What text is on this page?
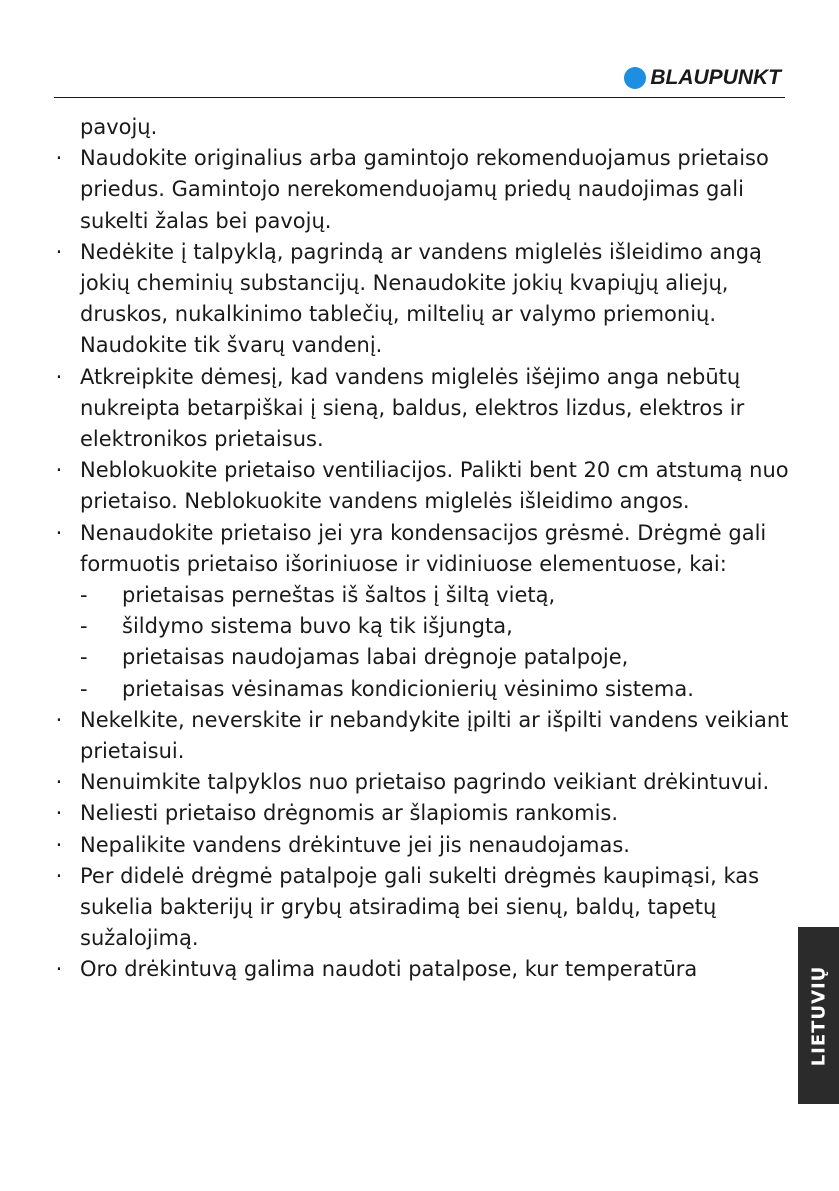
BLAUPUNKT
pavojų.
· Naudokite originalius arba gamintojo rekomenduojamus prietaiso priedus. Gamintojo nerekomenduojamų priedų naudojimas gali sukelti žalas bei pavojų.
· Nedėkite į talpyklą, pagrindą ar vandens miglelės išleidimo angą jokių cheminių substancijų. Nenaudokite jokių kvapiųjų aliejų, druskos, nukalkinimo tablečių, miltelių ar valymo priemonių. Naudokite tik švarų vandenį.
· Atkreipkite dėmesį, kad vandens miglelės išėjimo anga nebūtų nukreipta betarpiškai į sieną, baldus, elektros lizdus, elektros ir elektronikos prietaisus.
· Neblokuokite prietaiso ventiliacijos. Palikti bent 20 cm atstumą nuo prietaiso. Neblokuokite vandens miglelės išleidimo angos.
· Nenaudokite prietaiso jei yra kondensacijos grėsmė. Drėgmė gali formuotis prietaiso išoriniuose ir vidiniuose elementuose, kai:
- prietaisas perneštas iš šaltos į šiltą vietą,
- šildymo sistema buvo ką tik išjungta,
- prietaisas naudojamas labai drėgnoje patalpoje,
- prietaisas vėsinamas kondicionierių vėsinimo sistema.
· Nekelkite, neverskite ir nebandykite įpilti ar išpilti vandens veikiant prietaisui.
· Nenuimkite talpyklos nuo prietaiso pagrindo veikiant drėkintuvui.
· Neliesti prietaiso drėgnomis ar šlapiomis rankomis.
· Nepalikite vandens drėkintuve jei jis nenaudojamas.
· Per didelė drėgmė patalpoje gali sukelti drėgmės kaupimąsi, kas sukelia bakterijų ir grybų atsiradimą bei sienų, baldų, tapetų sužalojimą.
· Oro drėkintuvą galima naudoti patalpose, kur temperatūra	LIETUVIŲ
